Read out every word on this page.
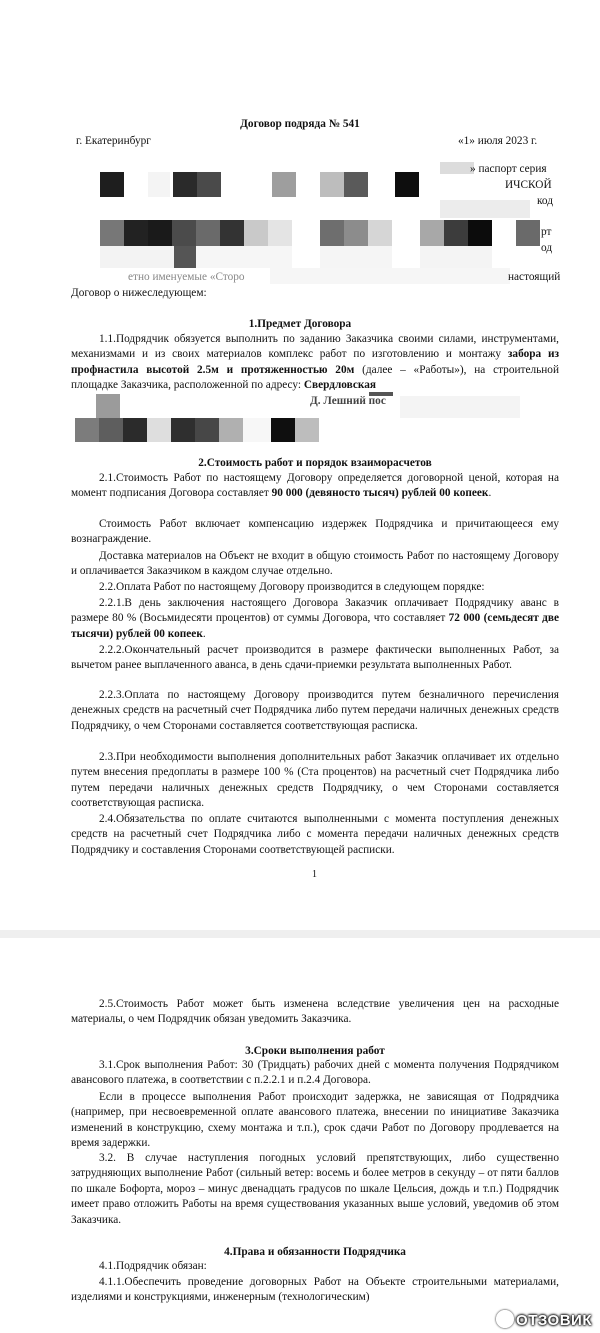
Договор подряда № 541
г. Екатеринбург	«1» июля 2023 г.
» паспорт серия
ИЧСКОЙ
код
рт
од
етно именуемые «Сторо	настоящий
Договор о нижеследующем:
1.Предмет Договора
1.1.Подрядчик обязуется выполнить по заданию Заказчика своими силами, инструментами, механизмами и из своих материалов комплекс работ по изготовлению и монтажу забора из профнастила высотой 2.5м и протяженностью 20м (далее – «Работы»), на строительной площадке Заказчика, расположенной по адресу: Свердловская
Д. Лешний пос
2.Стоимость работ и порядок взаиморасчетов
2.1.Стоимость Работ по настоящему Договору определяется договорной ценой, которая на момент подписания Договора составляет 90 000 (девяносто тысяч) рублей 00 копеек.
Стоимость Работ включает компенсацию издержек Подрядчика и причитающееся ему вознаграждение.
Доставка материалов на Объект не входит в общую стоимость Работ по настоящему Договору и оплачивается Заказчиком в каждом случае отдельно.
2.2.Оплата Работ по настоящему Договору производится в следующем порядке:
2.2.1.В день заключения настоящего Договора Заказчик оплачивает Подрядчику аванс в размере 80 % (Восьмидесяти процентов) от суммы Договора, что составляет 72 000 (семьдесят две тысячи) рублей 00 копеек.
2.2.2.Окончательный расчет производится в размере фактически выполненных Работ, за вычетом ранее выплаченного аванса, в день сдачи-приемки результата выполненных Работ.
2.2.3.Оплата по настоящему Договору производится путем безналичного перечисления денежных средств на расчетный счет Подрядчика либо путем передачи наличных денежных средств Подрядчику, о чем Сторонами составляется соответствующая расписка.
2.3.При необходимости выполнения дополнительных работ Заказчик оплачивает их отдельно путем внесения предоплаты в размере 100 % (Ста процентов) на расчетный счет Подрядчика либо путем передачи наличных денежных средств Подрядчику, о чем Сторонами составляется соответствующая расписка.
2.4.Обязательства по оплате считаются выполненными с момента поступления денежных средств на расчетный счет Подрядчика либо с момента передачи наличных денежных средств Подрядчику и составления Сторонами соответствующей расписки.
1
2.5.Стоимость Работ может быть изменена вследствие увеличения цен на расходные материалы, о чем Подрядчик обязан уведомить Заказчика.
3.Сроки выполнения работ
3.1.Срок выполнения Работ: 30 (Тридцать) рабочих дней с момента получения Подрядчиком авансового платежа, в соответствии с п.2.2.1 и п.2.4 Договора.
Если в процессе выполнения Работ происходит задержка, не зависящая от Подрядчика (например, при несвоевременной оплате авансового платежа, внесении по инициативе Заказчика изменений в конструкцию, схему монтажа и т.п.), срок сдачи Работ по Договору продлевается на время задержки.
3.2. В случае наступления погодных условий препятствующих, либо существенно затрудняющих выполнение Работ (сильный ветер: восемь и более метров в секунду – от пяти баллов по шкале Бофорта, мороз – минус двенадцать градусов по шкале Цельсия, дождь и т.п.) Подрядчик имеет право отложить Работы на время существования указанных выше условий, уведомив об этом Заказчика.
4.Права и обязанности Подрядчика
4.1.Подрядчик обязан:
4.1.1.Обеспечить проведение договорных Работ на Объекте строительными материалами, изделиями и конструкциями, инженерным (технологическим)
ОТЗОВИК
